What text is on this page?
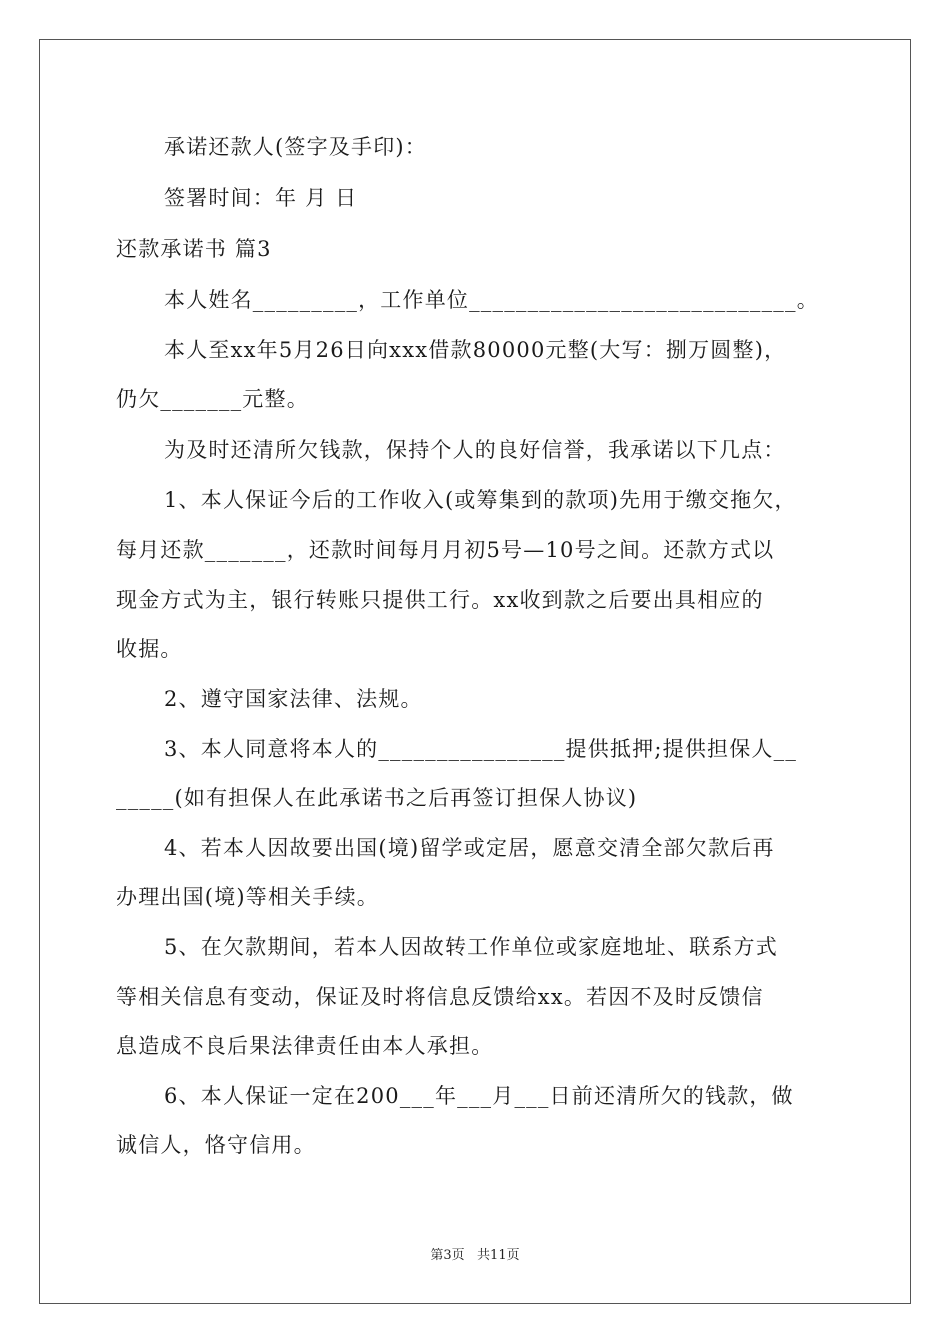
承诺还款人(签字及手印)：
签署时间：年 月 日
还款承诺书 篇3
本人姓名_________，工作单位____________________________。
本人至xx年5月26日向xxx借款80000元整(大写：捌万圆整)，
仍欠_______元整。
为及时还清所欠钱款，保持个人的良好信誉，我承诺以下几点：
1、本人保证今后的工作收入(或筹集到的款项)先用于缴交拖欠，
每月还款_______，还款时间每月月初5号—10号之间。还款方式以
现金方式为主，银行转账只提供工行。xx收到款之后要出具相应的
收据。
2、遵守国家法律、法规。
3、本人同意将本人的________________提供抵押;提供担保人__
_____(如有担保人在此承诺书之后再签订担保人协议)
4、若本人因故要出国(境)留学或定居，愿意交清全部欠款后再
办理出国(境)等相关手续。
5、在欠款期间，若本人因故转工作单位或家庭地址、联系方式
等相关信息有变动，保证及时将信息反馈给xx。若因不及时反馈信
息造成不良后果法律责任由本人承担。
6、本人保证一定在200___年___月___日前还清所欠的钱款，做
诚信人，恪守信用。
第3页   共11页
